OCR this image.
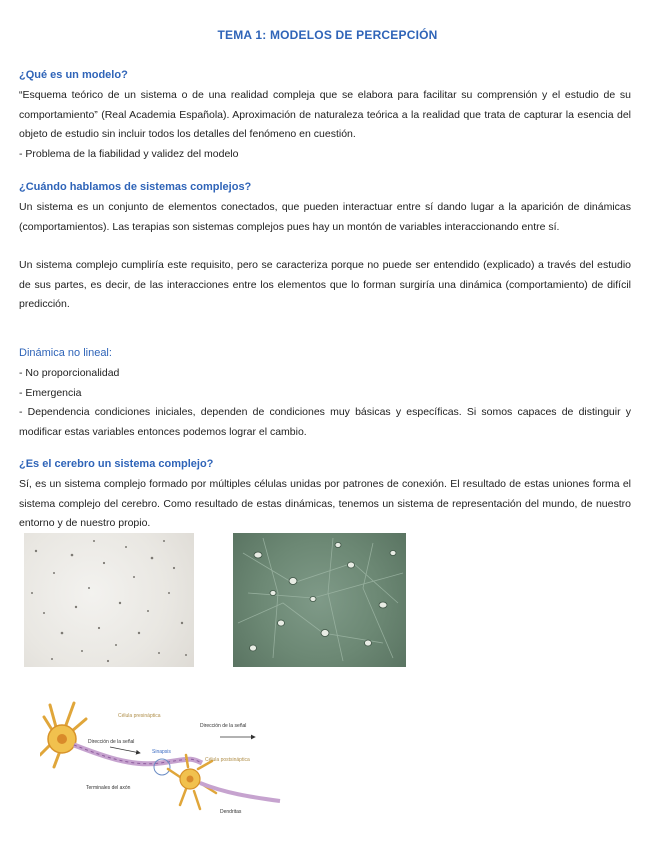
TEMA 1: MODELOS DE PERCEPCIÓN
¿Qué es un modelo?

“Esquema teórico de un sistema o de una realidad compleja que se elabora para facilitar su comprensión y el estudio de su comportamiento” (Real Academia Española). Aproximación de naturaleza teórica a la realidad que trata de capturar la esencia del objeto de estudio sin incluir todos los detalles del fenómeno en cuestión.

- Problema de la fiabilidad y validez del modelo
¿Cuándo hablamos de sistemas complejos?

Un sistema es un conjunto de elementos conectados, que pueden interactuar entre sí dando lugar a la aparición de dinámicas (comportamientos). Las terapias son sistemas complejos pues hay un montón de variables interaccionando entre sí.

Un sistema complejo cumpliría este requisito, pero se caracteriza porque no puede ser entendido (explicado) a través del estudio de sus partes, es decir, de las interacciones entre los elementos que lo forman surgiría una dinámica (comportamiento) de difícil predicción.

Dinámica no lineal:
- No proporcionalidad
- Emergencia

- Dependencia condiciones iniciales, dependen de condiciones muy básicas y específicas. Si somos capaces de distinguir y modificar estas variables entonces podemos lograr el cambio.

¿Es el cerebro un sistema complejo?

Sí, es un sistema complejo formado por múltiples células unidas por patrones de conexión. El resultado de estas uniones forma el sistema complejo del cerebro. Como resultado de estas dinámicas, tenemos un sistema de representación del mundo, de nuestro entorno y de nuestro propio.

Célula presináptica
Dirección de la señal
Dirección de la señal
Sinapsis
Célula postsináptica
Terminales del axón
Dendritas
